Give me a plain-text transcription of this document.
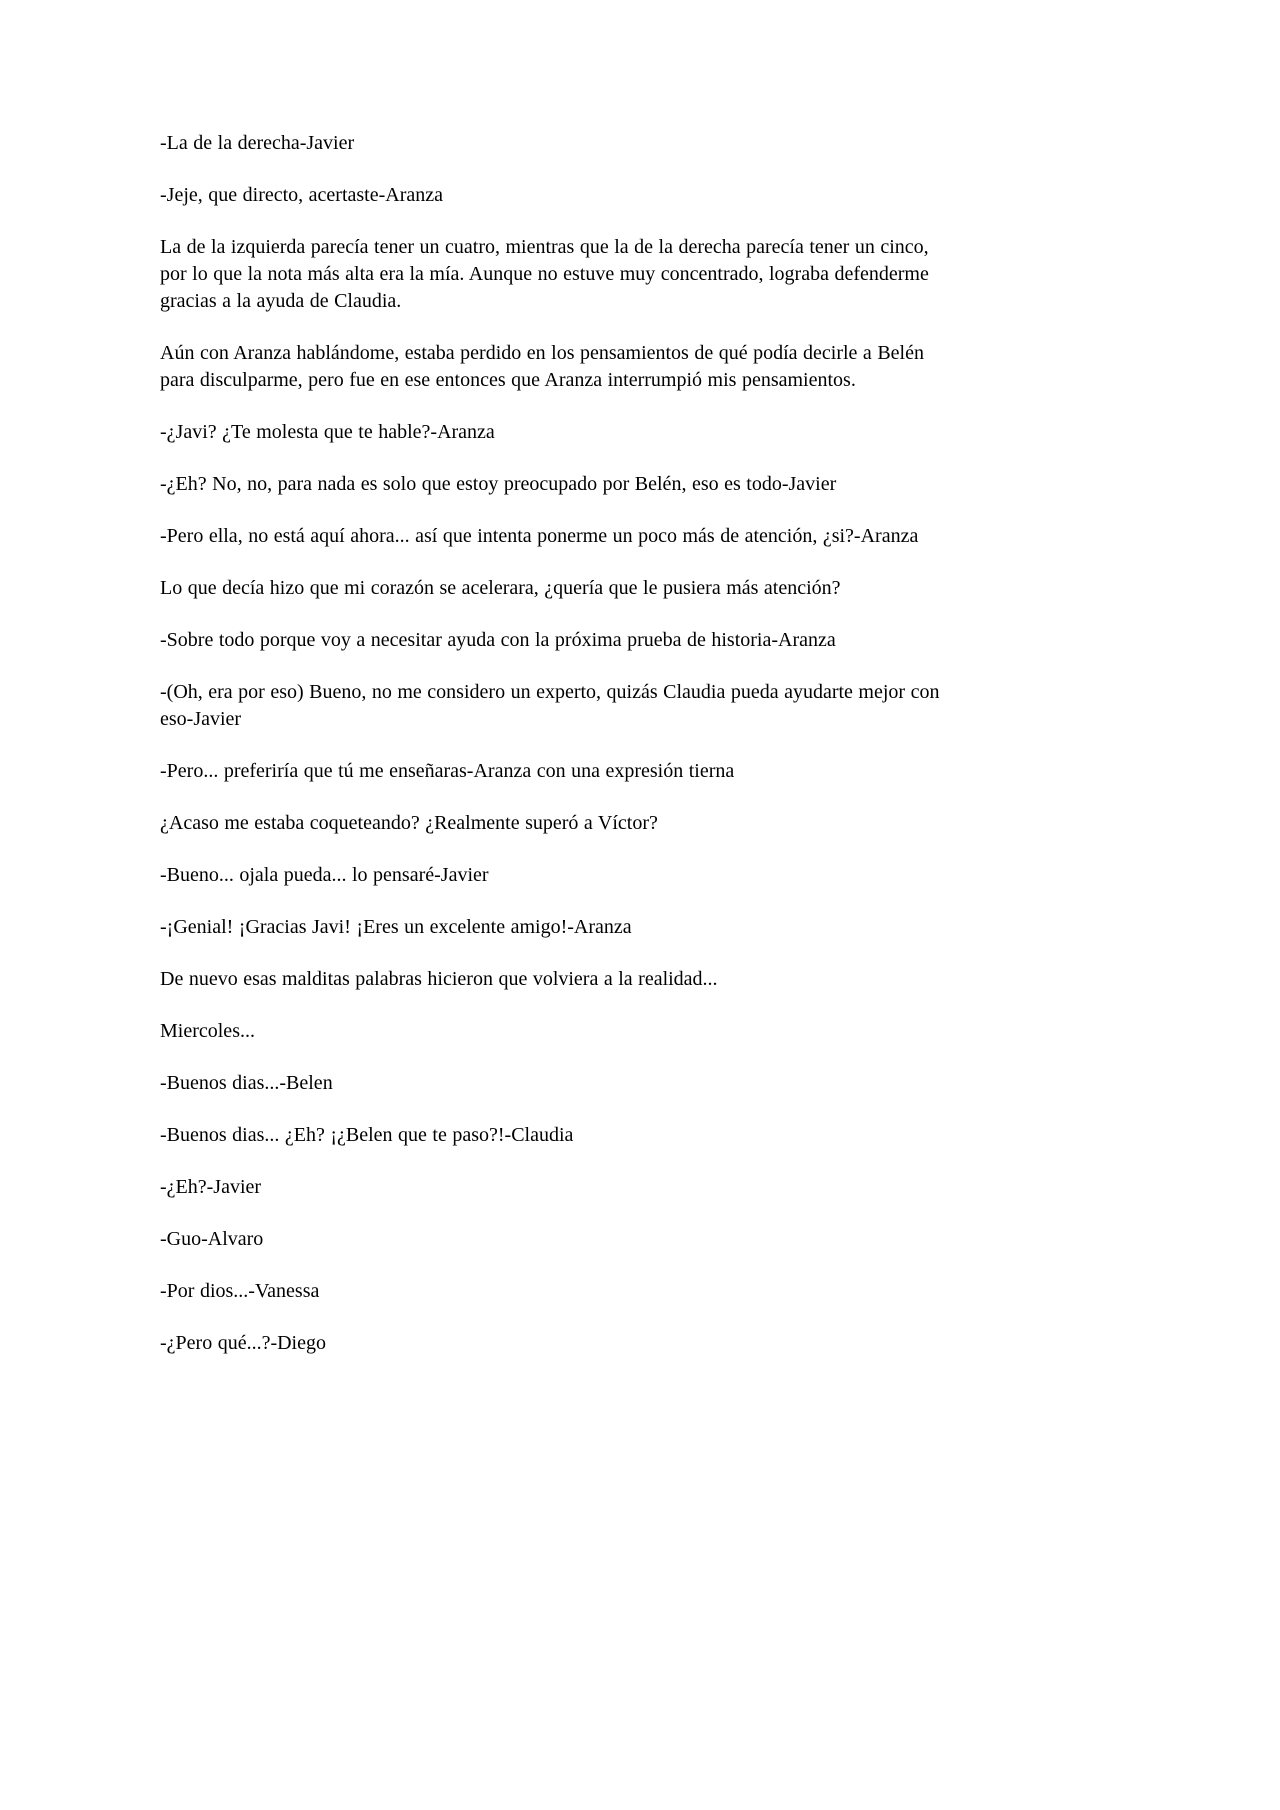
-La de la derecha-Javier

-Jeje, que directo, acertaste-Aranza

La de la izquierda parecía tener un cuatro, mientras que la de la derecha parecía tener un cinco, por lo que la nota más alta era la mía. Aunque no estuve muy concentrado, lograba defenderme gracias a la ayuda de Claudia.

Aún con Aranza hablándome, estaba perdido en los pensamientos de qué podía decirle a Belén para disculparme, pero fue en ese entonces que Aranza interrumpió mis pensamientos.

-¿Javi? ¿Te molesta que te hable?-Aranza

-¿Eh? No, no, para nada es solo que estoy preocupado por Belén, eso es todo-Javier

-Pero ella, no está aquí ahora... así que intenta ponerme un poco más de atención, ¿si?-Aranza

Lo que decía hizo que mi corazón se acelerara, ¿quería que le pusiera más atención?

-Sobre todo porque voy a necesitar ayuda con la próxima prueba de historia-Aranza

-(Oh, era por eso) Bueno, no me considero un experto, quizás Claudia pueda ayudarte mejor con eso-Javier

-Pero... preferiría que tú me enseñaras-Aranza con una expresión tierna

¿Acaso me estaba coqueteando? ¿Realmente superó a Víctor?

-Bueno... ojala pueda... lo pensaré-Javier

-¡Genial! ¡Gracias Javi! ¡Eres un excelente amigo!-Aranza

De nuevo esas malditas palabras hicieron que volviera a la realidad...

Miercoles...

-Buenos dias...-Belen

-Buenos dias... ¿Eh? ¡¿Belen que te paso?!-Claudia

-¿Eh?-Javier

-Guo-Alvaro

-Por dios...-Vanessa

-¿Pero qué...?-Diego
